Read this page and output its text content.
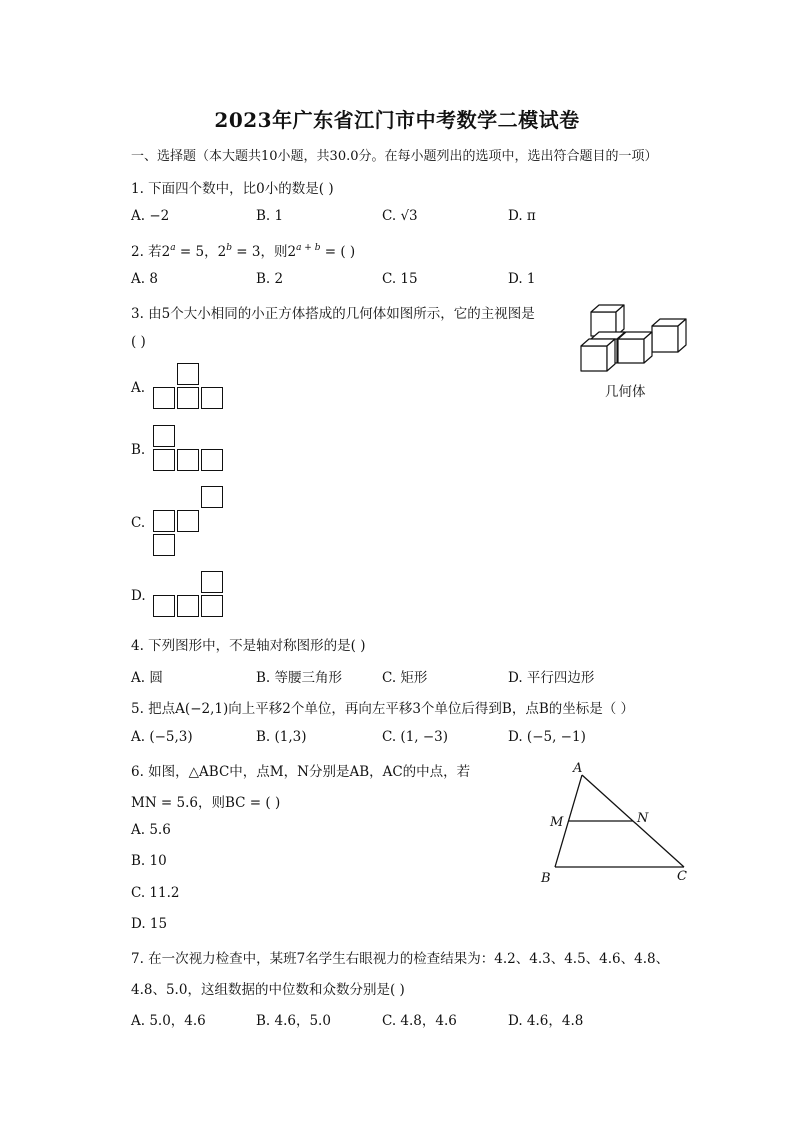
2023年广东省江门市中考数学二模试卷
一、选择题（本大题共10小题，共30.0分。在每小题列出的选项中，选出符合题目的一项）
1. 下面四个数中，比0小的数是( )
A. −2	B. 1	C. √3	D. π
2. 若$2^a = 5$，$2^b = 3$，则$2^{a + b}$ = ( )
A. 8	B. 2	C. 15	D. 1
3. 由5个大小相同的小正方体搭成的几何体如图所示，它的主视图是
( )
几何体
A.
B.
C.
D.
4. 下列图形中，不是轴对称图形的是( )
A. 圆	B. 等腰三角形	C. 矩形	D. 平行四边形
5. 把点A(−2,1)向上平移2个单位，再向左平移3个单位后得到B，点B的坐标是（ ）
A. (−5,3)	B. (1,3)	C. (1, −3)	D. (−5, −1)
6. 如图，△ABC中，点M，N分别是AB，AC的中点，若
MN = 5.6，则BC = ( )
A. 5.6
B. 10
C. 11.2
D. 15
A
B	C
M	N
7. 在一次视力检查中，某班7名学生右眼视力的检查结果为：4.2、4.3、4.5、4.6、4.8、
4.8、5.0，这组数据的中位数和众数分别是( )
A. 5.0，4.6	B. 4.6，5.0	C. 4.8，4.6	D. 4.6，4.8
